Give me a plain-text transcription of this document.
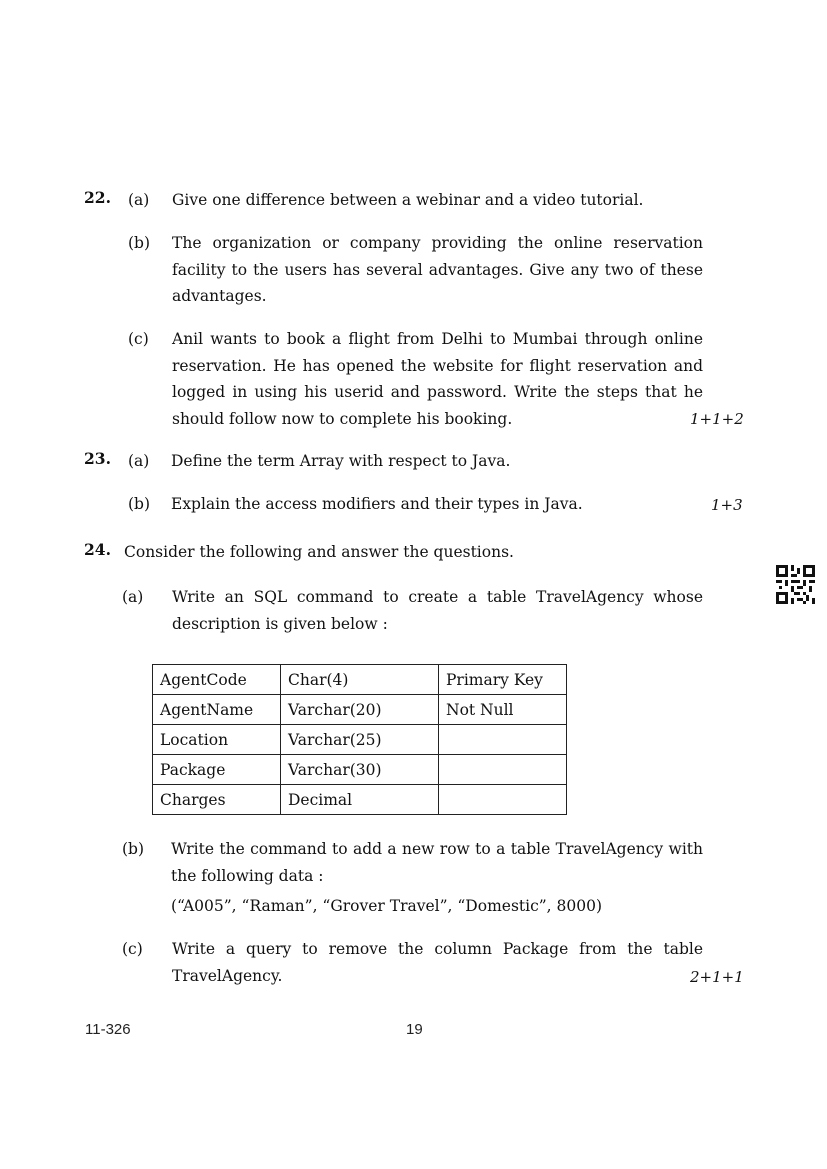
22. (a) Give one difference between a webinar and a video tutorial.
(b) The organization or company providing the online reservation
facility to the users has several advantages. Give any two of these
advantages.
(c) Anil wants to book a flight from Delhi to Mumbai through online
reservation. He has opened the website for flight reservation and
logged in using his userid and password. Write the steps that he
should follow now to complete his booking.	1+1+2
23. (a) Define the term Array with respect to Java.
(b) Explain the access modifiers and their types in Java.	1+3
24. Consider the following and answer the questions.
(a) Write an SQL command to create a table TravelAgency whose
description is given below :
AgentCode	Char(4)	Primary Key
AgentName	Varchar(20)	Not Null
Location	Varchar(25)	
Package	Varchar(30)	
Charges	Decimal	
(b) Write the command to add a new row to a table TravelAgency with
the following data :
(“A005”, “Raman”, “Grover Travel”, “Domestic”, 8000)
(c) Write a query to remove the column Package from the table
TravelAgency.	2+1+1
11-326	19
